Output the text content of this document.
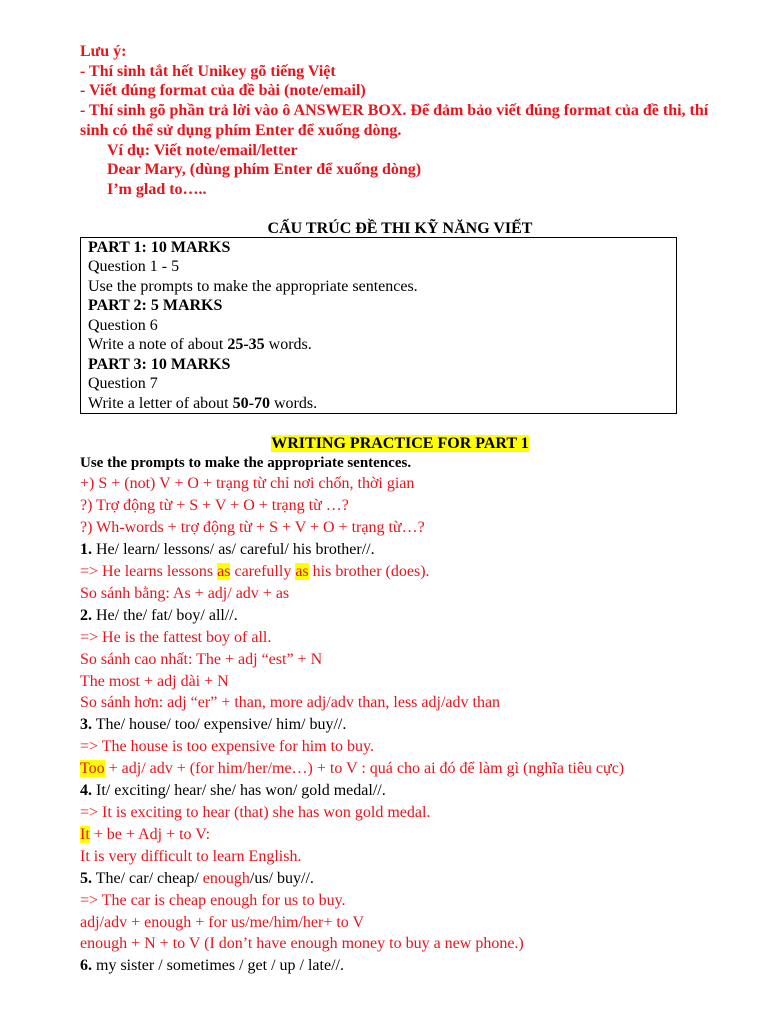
Lưu ý:
- Thí sinh tắt hết Unikey gõ tiếng Việt
- Viết đúng format của đề bài (note/email)
- Thí sinh gõ phần trả lời vào ô ANSWER BOX. Để đảm bảo viết đúng format của đề thi, thí sinh có thể sử dụng phím Enter để xuống dòng.
Ví dụ: Viết note/email/letter
Dear Mary, (dùng phím Enter để xuống dòng)
I’m glad to…..
CẤU TRÚC ĐỀ THI KỸ NĂNG VIẾT
PART 1: 10 MARKS
Question 1 - 5
Use the prompts to make the appropriate sentences.
PART 2: 5 MARKS
Question 6
Write a note of about 25-35 words.
PART 3: 10 MARKS
Question 7
Write a letter of about 50-70 words.
WRITING PRACTICE FOR PART 1
Use the prompts to make the appropriate sentences.
+) S + (not) V + O + trạng từ chỉ nơi chốn, thời gian
?) Trợ động từ + S + V + O + trạng từ …?
?) Wh-words + trợ động từ + S + V + O + trạng từ…?
1. He/ learn/ lessons/ as/ careful/ his brother//.
=> He learns lessons as carefully as his brother (does).
So sánh bằng: As + adj/ adv + as
2. He/ the/ fat/ boy/ all//.
=> He is the fattest boy of all.
So sánh cao nhất: The + adj “est” + N
The most + adj dài + N
So sánh hơn: adj “er” + than, more adj/adv than, less adj/adv than
3. The/ house/ too/ expensive/ him/ buy//.
=> The house is too expensive for him to buy.
Too + adj/ adv + (for him/her/me…) + to V : quá cho ai đó để làm gì (nghĩa tiêu cực)
4. It/ exciting/ hear/ she/ has won/ gold medal//.
=> It is exciting to hear (that) she has won gold medal.
It + be + Adj + to V:
It is very difficult to learn English.
5. The/ car/ cheap/ enough/us/ buy//.
=> The car is cheap enough for us to buy.
adj/adv + enough + for us/me/him/her+ to V
enough + N + to V (I don’t have enough money to buy a new phone.)
6. my sister / sometimes / get / up / late//.
